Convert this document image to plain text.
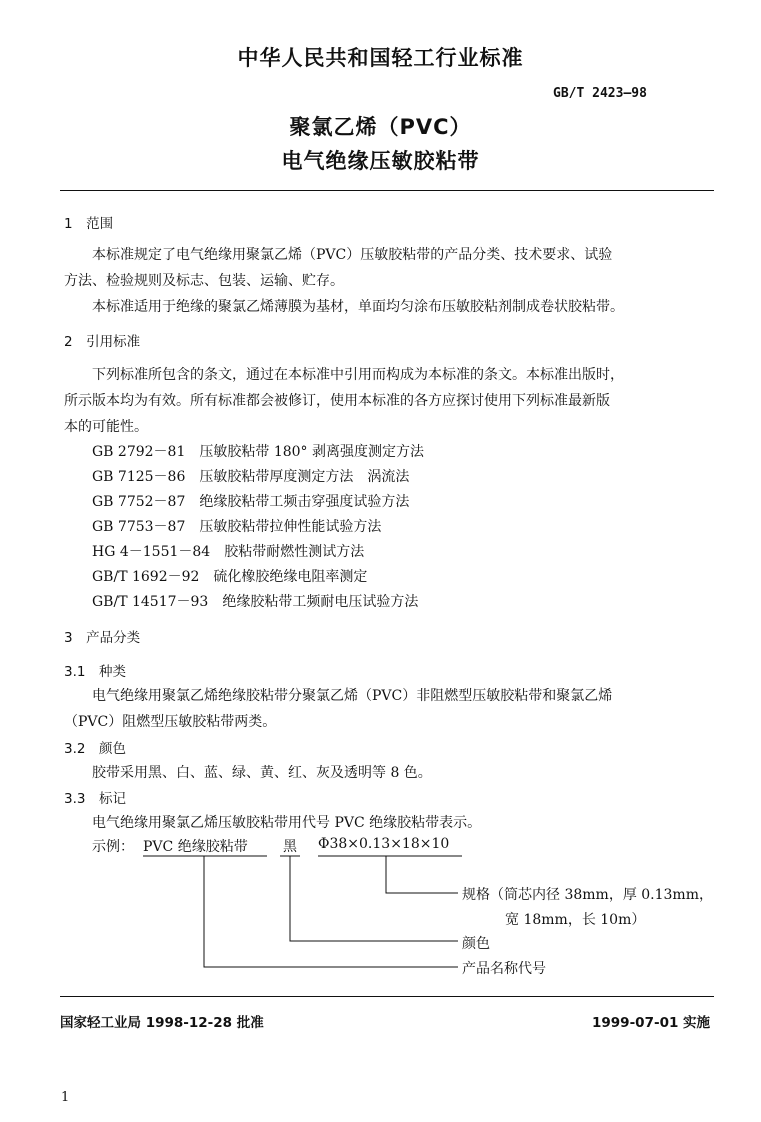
中华人民共和国轻工行业标准
GB/T 2423—98
聚氯乙烯（PVC）
电气绝缘压敏胶粘带
1　范围
本标准规定了电气绝缘用聚氯乙烯（PVC）压敏胶粘带的产品分类、技术要求、试验
方法、检验规则及标志、包装、运输、贮存。
本标准适用于绝缘的聚氯乙烯薄膜为基材，单面均匀涂布压敏胶粘剂制成卷状胶粘带。
2　引用标准
下列标准所包含的条文，通过在本标准中引用而构成为本标准的条文。本标准出版时，
所示版本均为有效。所有标准都会被修订，使用本标准的各方应探讨使用下列标准最新版
本的可能性。
GB 2792－81　压敏胶粘带 180° 剥离强度测定方法
GB 7125－86　压敏胶粘带厚度测定方法　涡流法
GB 7752－87　绝缘胶粘带工频击穿强度试验方法
GB 7753－87　压敏胶粘带拉伸性能试验方法
HG 4－1551－84　胶粘带耐燃性测试方法
GB/T 1692－92　硫化橡胶绝缘电阻率测定
GB/T 14517－93　绝缘胶粘带工频耐电压试验方法
3　产品分类
3.1　种类
电气绝缘用聚氯乙烯绝缘胶粘带分聚氯乙烯（PVC）非阻燃型压敏胶粘带和聚氯乙烯
（PVC）阻燃型压敏胶粘带两类。
3.2　颜色
胶带采用黑、白、蓝、绿、黄、红、灰及透明等 8 色。
3.3　标记
电气绝缘用聚氯乙烯压敏胶粘带用代号 PVC 绝缘胶粘带表示。
示例： PVC 绝缘胶粘带	黑 Φ38×0.13×18×10
规格（筒芯内径 38mm，厚 0.13mm，
宽 18mm，长 10m）
颜色
产品名称代号
国家轻工业局 1998-12-28 批准	1999-07-01 实施
1
